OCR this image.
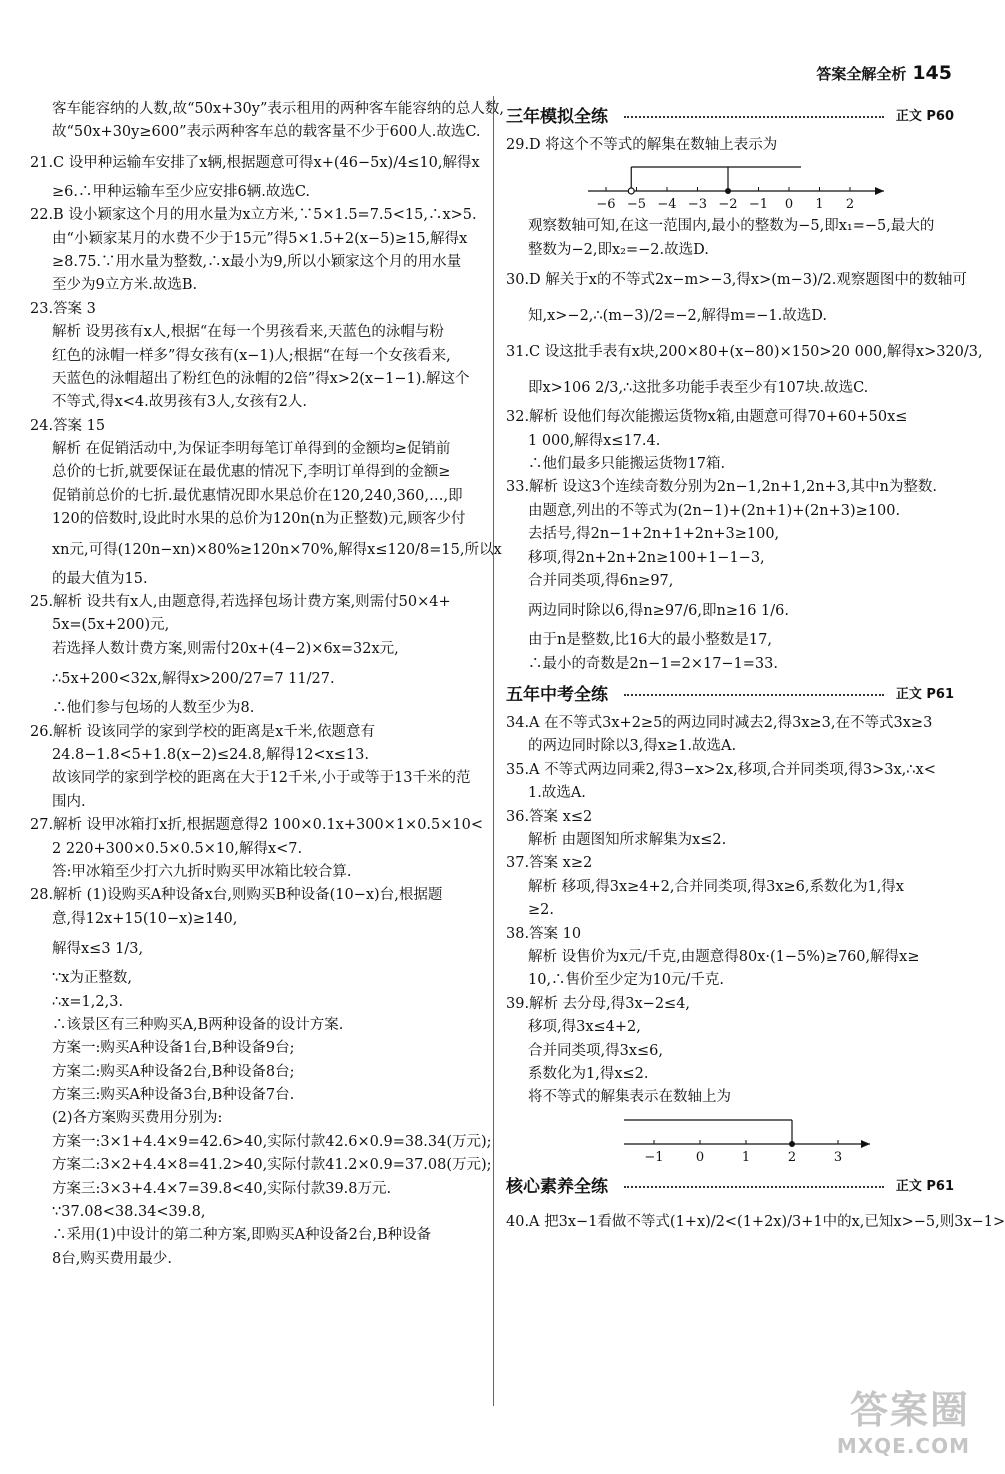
答案全解全析 145
客车能容纳的人数,故“50x+30y”表示租用的两种客车能容纳的总人数,
故“50x+30y≥600”表示两种客车总的载客量不少于600人.故选C.
21.C 设甲种运输车安排了x辆,根据题意可得x+(46−5x)/4≤10,解得x
≥6.∴甲种运输车至少应安排6辆.故选C.
22.B 设小颖家这个月的用水量为x立方米,∵5×1.5=7.5<15,∴x>5.
由“小颖家某月的水费不少于15元”得5×1.5+2(x−5)≥15,解得x
≥8.75.∵用水量为整数,∴x最小为9,所以小颖家这个月的用水量
至少为9立方米.故选B.
23.答案 3
解析 设男孩有x人,根据“在每一个男孩看来,天蓝色的泳帽与粉
红色的泳帽一样多”得女孩有(x−1)人;根据“在每一个女孩看来,
天蓝色的泳帽超出了粉红色的泳帽的2倍”得x>2(x−1−1).解这个
不等式,得x<4.故男孩有3人,女孩有2人.
24.答案 15
解析 在促销活动中,为保证李明每笔订单得到的金额均≥促销前
总价的七折,就要保证在最优惠的情况下,李明订单得到的金额≥
促销前总价的七折.最优惠情况即水果总价在120,240,360,…,即
120的倍数时,设此时水果的总价为120n(n为正整数)元,顾客少付
xn元,可得(120n−xn)×80%≥120n×70%,解得x≤120/8=15,所以x
的最大值为15.
25.解析 设共有x人,由题意得,若选择包场计费方案,则需付50×4+
5x=(5x+200)元,
若选择人数计费方案,则需付20x+(4−2)×6x=32x元,
∴5x+200<32x,解得x>200/27=7 11/27.
∴他们参与包场的人数至少为8.
26.解析 设该同学的家到学校的距离是x千米,依题意有
24.8−1.8<5+1.8(x−2)≤24.8,解得12<x≤13.
故该同学的家到学校的距离在大于12千米,小于或等于13千米的范
围内.
27.解析 设甲冰箱打x折,根据题意得2 100×0.1x+300×1×0.5×10<
2 220+300×0.5×0.5×10,解得x<7.
答:甲冰箱至少打六九折时购买甲冰箱比较合算.
28.解析 (1)设购买A种设备x台,则购买B种设备(10−x)台,根据题
意,得12x+15(10−x)≥140,
解得x≤3 1/3,
∵x为正整数,
∴x=1,2,3.
∴该景区有三种购买A,B两种设备的设计方案.
方案一:购买A种设备1台,B种设备9台;
方案二:购买A种设备2台,B种设备8台;
方案三:购买A种设备3台,B种设备7台.
(2)各方案购买费用分别为:
方案一:3×1+4.4×9=42.6>40,实际付款42.6×0.9=38.34(万元);
方案二:3×2+4.4×8=41.2>40,实际付款41.2×0.9=37.08(万元);
方案三:3×3+4.4×7=39.8<40,实际付款39.8万元.
∵37.08<38.34<39.8,
∴采用(1)中设计的第二种方案,即购买A种设备2台,B种设备
8台,购买费用最少.
三年模拟全练	正文 P60
29.D 将这个不等式的解集在数轴上表示为
−6 −5 −4 −3 −2 −1 0 1 2
观察数轴可知,在这一范围内,最小的整数为−5,即x₁=−5,最大的
整数为−2,即x₂=−2.故选D.
30.D 解关于x的不等式2x−m>−3,得x>(m−3)/2.观察题图中的数轴可
知,x>−2,∴(m−3)/2=−2,解得m=−1.故选D.
31.C 设这批手表有x块,200×80+(x−80)×150>20 000,解得x>320/3,
即x>106 2/3,∴这批多功能手表至少有107块.故选C.
32.解析 设他们每次能搬运货物x箱,由题意可得70+60+50x≤
1 000,解得x≤17.4.
∴他们最多只能搬运货物17箱.
33.解析 设这3个连续奇数分别为2n−1,2n+1,2n+3,其中n为整数.
由题意,列出的不等式为(2n−1)+(2n+1)+(2n+3)≥100.
去括号,得2n−1+2n+1+2n+3≥100,
移项,得2n+2n+2n≥100+1−1−3,
合并同类项,得6n≥97,
两边同时除以6,得n≥97/6,即n≥16 1/6.
由于n是整数,比16大的最小整数是17,
∴最小的奇数是2n−1=2×17−1=33.
五年中考全练	正文 P61
34.A 在不等式3x+2≥5的两边同时减去2,得3x≥3,在不等式3x≥3
的两边同时除以3,得x≥1.故选A.
35.A 不等式两边同乘2,得3−x>2x,移项,合并同类项,得3>3x,∴x<
1.故选A.
36.答案 x≤2
解析 由题图知所求解集为x≤2.
37.答案 x≥2
解析 移项,得3x≥4+2,合并同类项,得3x≥6,系数化为1,得x
≥2.
38.答案 10
解析 设售价为x元/千克,由题意得80x·(1−5%)≥760,解得x≥
10,∴售价至少定为10元/千克.
39.解析 去分母,得3x−2≤4,
移项,得3x≤4+2,
合并同类项,得3x≤6,
系数化为1,得x≤2.
将不等式的解集表示在数轴上为
−1 0	1	2	3
核心素养全练	正文 P61
40.A 把3x−1看做不等式(1+x)/2<(1+2x)/3+1中的x,已知x>−5,则3x−1>
答案圈
MXQE.COM
